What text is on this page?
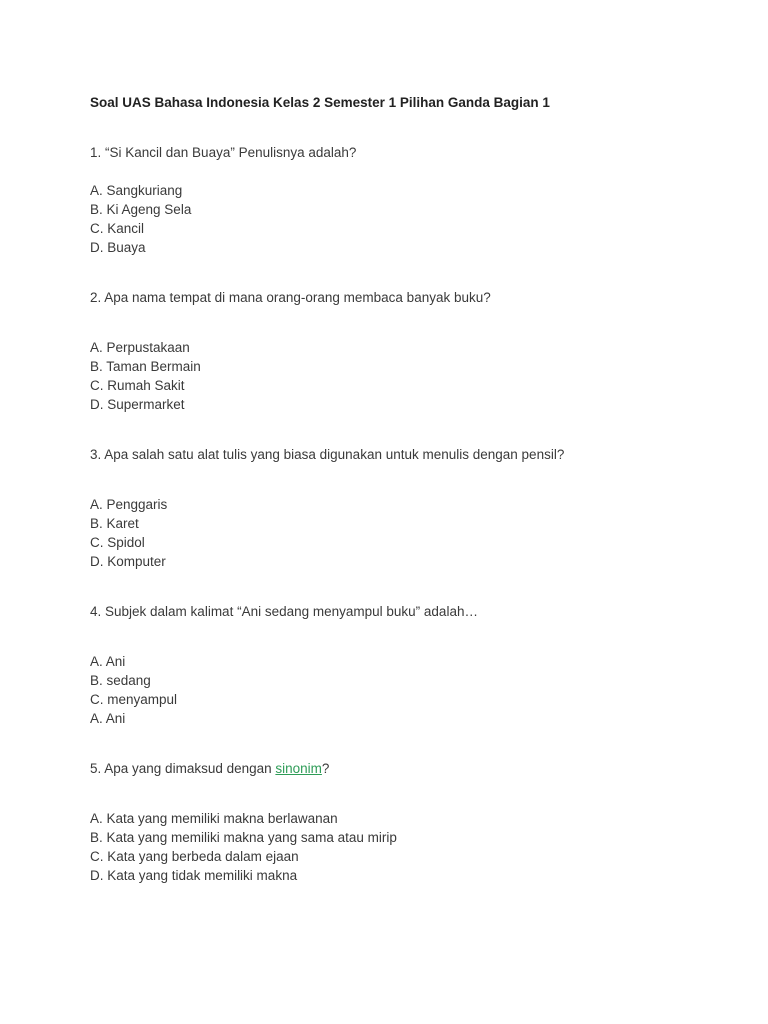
Soal UAS Bahasa Indonesia Kelas 2 Semester 1 Pilihan Ganda Bagian 1

1. “Si Kancil dan Buaya” Penulisnya adalah?

A. Sangkuriang
B. Ki Ageng Sela
C. Kancil
D. Buaya

2. Apa nama tempat di mana orang-orang membaca banyak buku?

A. Perpustakaan
B. Taman Bermain
C. Rumah Sakit
D. Supermarket

3. Apa salah satu alat tulis yang biasa digunakan untuk menulis dengan pensil?

A. Penggaris
B. Karet
C. Spidol
D. Komputer

4. Subjek dalam kalimat “Ani sedang menyampul buku” adalah…

A. Ani
B. sedang
C. menyampul
A. Ani

5. Apa yang dimaksud dengan sinonim?

A. Kata yang memiliki makna berlawanan
B. Kata yang memiliki makna yang sama atau mirip
C. Kata yang berbeda dalam ejaan
D. Kata yang tidak memiliki makna
